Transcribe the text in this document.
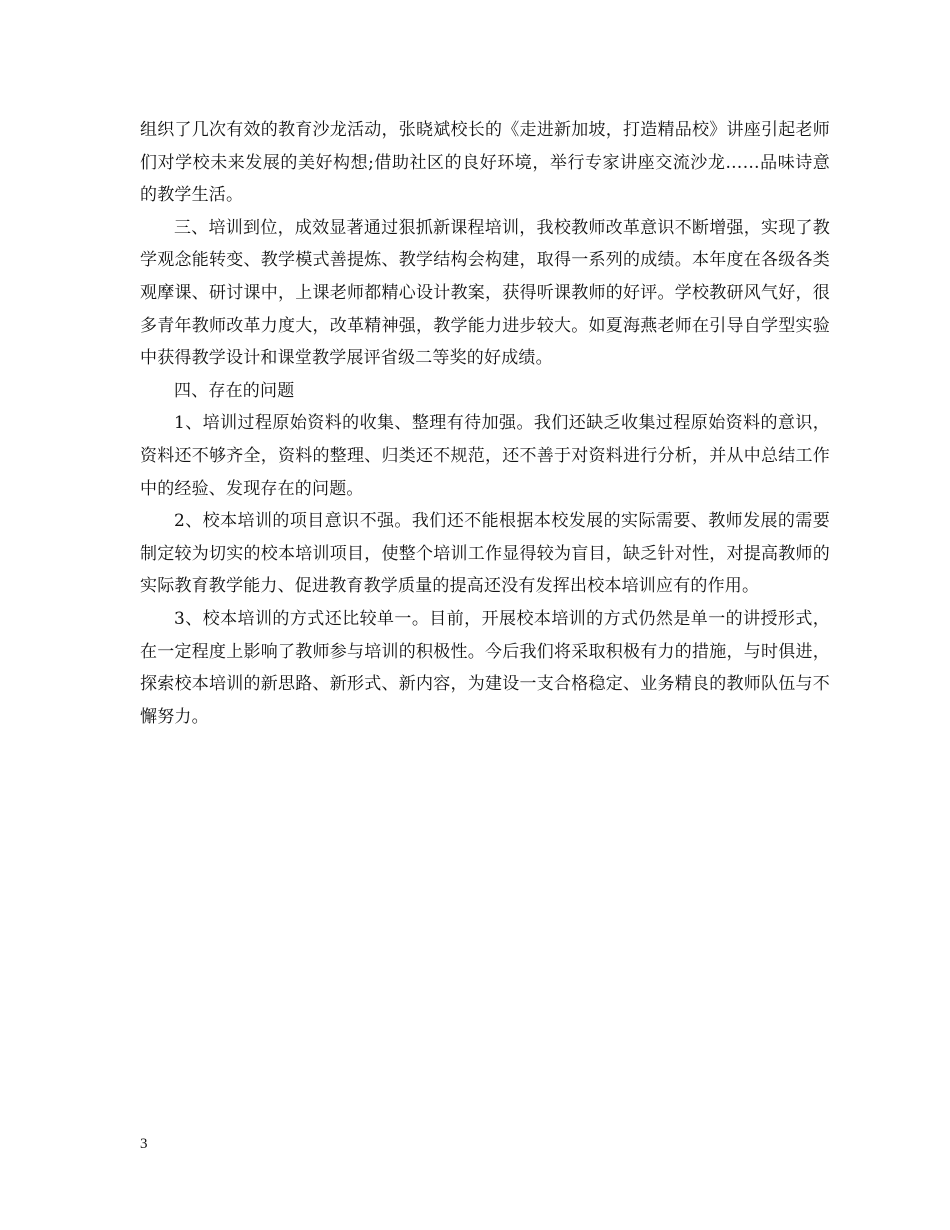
组织了几次有效的教育沙龙活动，张晓斌校长的《走进新加坡，打造精品校》讲座引起老师们对学校未来发展的美好构想;借助社区的良好环境，举行专家讲座交流沙龙……品味诗意的教学生活。

三、培训到位，成效显著通过狠抓新课程培训，我校教师改革意识不断增强，实现了教学观念能转变、教学模式善提炼、教学结构会构建，取得一系列的成绩。本年度在各级各类观摩课、研讨课中，上课老师都精心设计教案，获得听课教师的好评。学校教研风气好，很多青年教师改革力度大，改革精神强，教学能力进步较大。如夏海燕老师在引导自学型实验中获得教学设计和课堂教学展评省级二等奖的好成绩。

四、存在的问题

1、培训过程原始资料的收集、整理有待加强。我们还缺乏收集过程原始资料的意识，资料还不够齐全，资料的整理、归类还不规范，还不善于对资料进行分析，并从中总结工作中的经验、发现存在的问题。

2、校本培训的项目意识不强。我们还不能根据本校发展的实际需要、教师发展的需要制定较为切实的校本培训项目，使整个培训工作显得较为盲目，缺乏针对性，对提高教师的实际教育教学能力、促进教育教学质量的提高还没有发挥出校本培训应有的作用。

3、校本培训的方式还比较单一。目前，开展校本培训的方式仍然是单一的讲授形式，在一定程度上影响了教师参与培训的积极性。今后我们将采取积极有力的措施，与时俱进，探索校本培训的新思路、新形式、新内容，为建设一支合格稳定、业务精良的教师队伍与不懈努力。

3
